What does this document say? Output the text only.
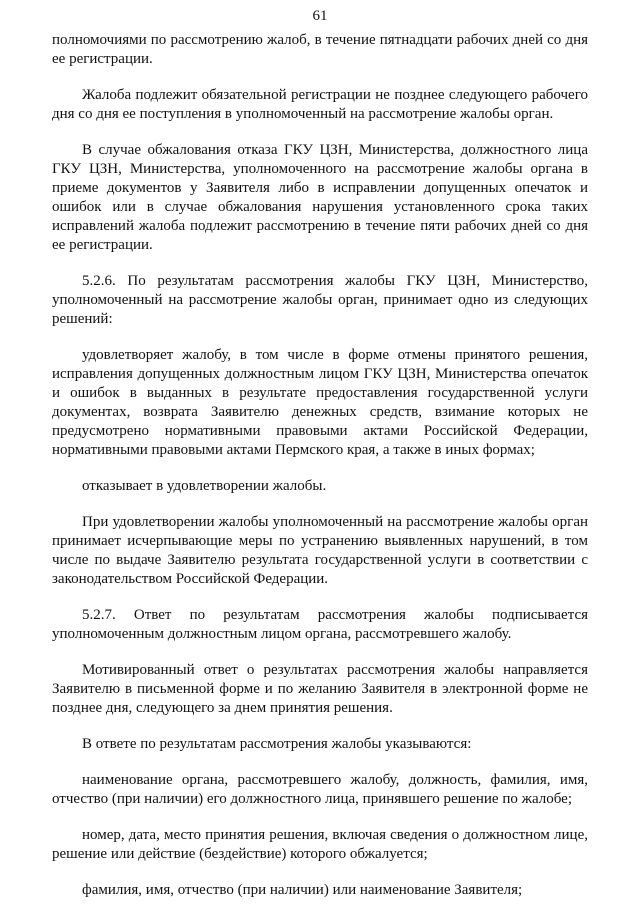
61

полномочиями по рассмотрению жалоб, в течение пятнадцати рабочих дней со дня ее регистрации.

Жалоба подлежит обязательной регистрации не позднее следующего рабочего дня со дня ее поступления в уполномоченный на рассмотрение жалобы орган.

В случае обжалования отказа ГКУ ЦЗН, Министерства, должностного лица ГКУ ЦЗН, Министерства, уполномоченного на рассмотрение жалобы органа в приеме документов у Заявителя либо в исправлении допущенных опечаток и ошибок или в случае обжалования нарушения установленного срока таких исправлений жалоба подлежит рассмотрению в течение пяти рабочих дней со дня ее регистрации.

5.2.6. По результатам рассмотрения жалобы ГКУ ЦЗН, Министерство, уполномоченный на рассмотрение жалобы орган, принимает одно из следующих решений:

удовлетворяет жалобу, в том числе в форме отмены принятого решения, исправления допущенных должностным лицом ГКУ ЦЗН, Министерства опечаток и ошибок в выданных в результате предоставления государственной услуги документах, возврата Заявителю денежных средств, взимание которых не предусмотрено нормативными правовыми актами Российской Федерации, нормативными правовыми актами Пермского края, а также в иных формах;

отказывает в удовлетворении жалобы.

При удовлетворении жалобы уполномоченный на рассмотрение жалобы орган принимает исчерпывающие меры по устранению выявленных нарушений, в том числе по выдаче Заявителю результата государственной услуги в соответствии с законодательством Российской Федерации.

5.2.7. Ответ по результатам рассмотрения жалобы подписывается уполномоченным должностным лицом органа, рассмотревшего жалобу.

Мотивированный ответ о результатах рассмотрения жалобы направляется Заявителю в письменной форме и по желанию Заявителя в электронной форме не позднее дня, следующего за днем принятия решения.

В ответе по результатам рассмотрения жалобы указываются:

наименование органа, рассмотревшего жалобу, должность, фамилия, имя, отчество (при наличии) его должностного лица, принявшего решение по жалобе;

номер, дата, место принятия решения, включая сведения о должностном лице, решение или действие (бездействие) которого обжалуется;

фамилия, имя, отчество (при наличии) или наименование Заявителя;
